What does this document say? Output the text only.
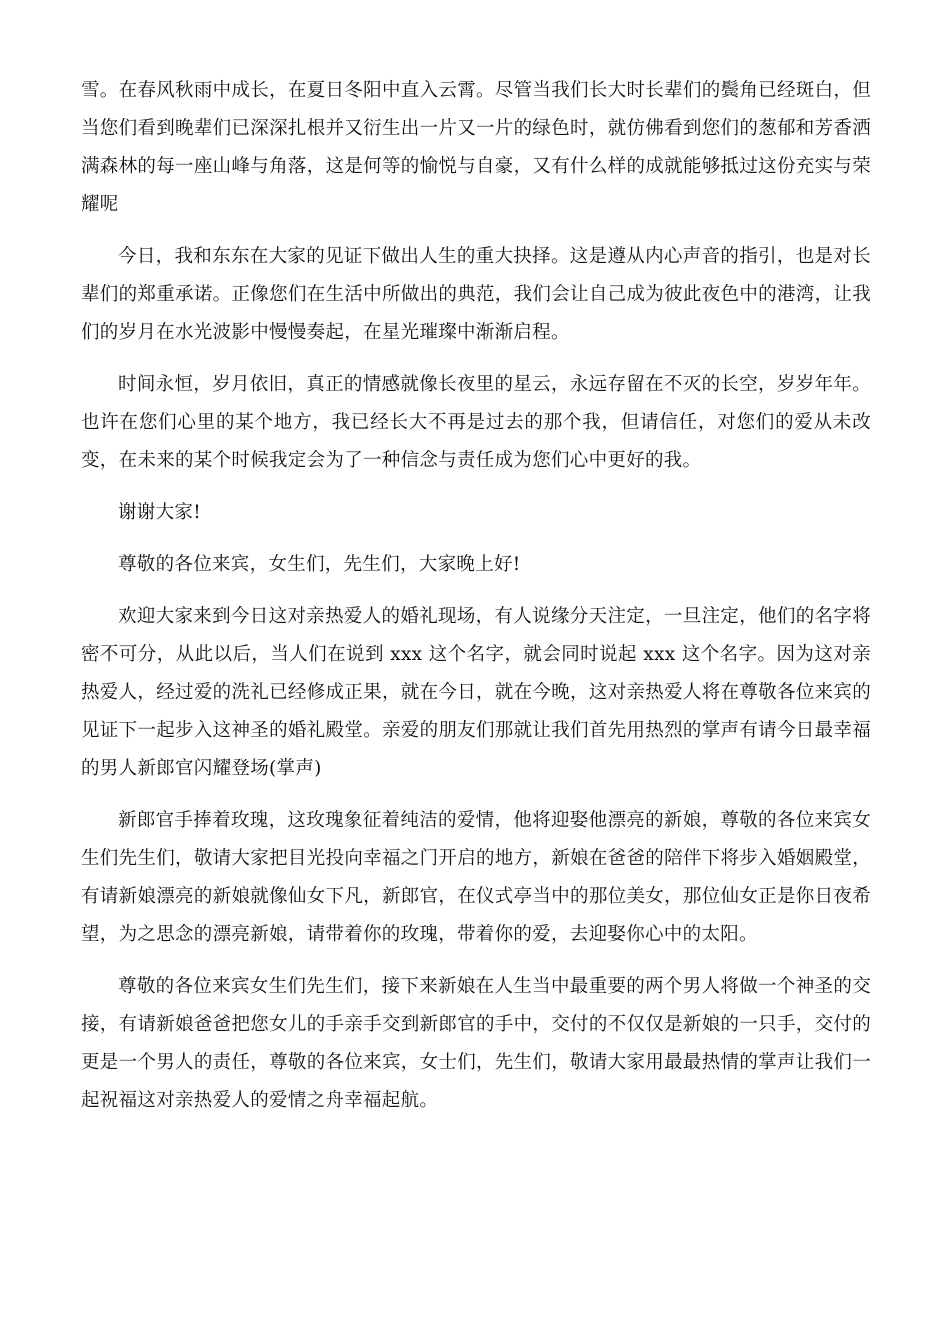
雪。在春风秋雨中成长，在夏日冬阳中直入云霄。尽管当我们长大时长辈们的鬓角已经斑白，但当您们看到晚辈们已深深扎根并又衍生出一片又一片的绿色时，就仿佛看到您们的葱郁和芳香洒满森林的每一座山峰与角落，这是何等的愉悦与自豪，又有什么样的成就能够抵过这份充实与荣耀呢

今日，我和东东在大家的见证下做出人生的重大抉择。这是遵从内心声音的指引，也是对长辈们的郑重承诺。正像您们在生活中所做出的典范，我们会让自己成为彼此夜色中的港湾，让我们的岁月在水光波影中慢慢奏起，在星光璀璨中渐渐启程。

时间永恒，岁月依旧，真正的情感就像长夜里的星云，永远存留在不灭的长空，岁岁年年。也许在您们心里的某个地方，我已经长大不再是过去的那个我，但请信任，对您们的爱从未改变，在未来的某个时候我定会为了一种信念与责任成为您们心中更好的我。

谢谢大家!

尊敬的各位来宾，女生们，先生们，大家晚上好!

欢迎大家来到今日这对亲热爱人的婚礼现场，有人说缘分天注定，一旦注定，他们的名字将密不可分，从此以后，当人们在说到 xxx 这个名字，就会同时说起 xxx 这个名字。因为这对亲热爱人，经过爱的洗礼已经修成正果，就在今日，就在今晚，这对亲热爱人将在尊敬各位来宾的见证下一起步入这神圣的婚礼殿堂。亲爱的朋友们那就让我们首先用热烈的掌声有请今日最幸福的男人新郎官闪耀登场(掌声)

新郎官手捧着玫瑰，这玫瑰象征着纯洁的爱情，他将迎娶他漂亮的新娘，尊敬的各位来宾女生们先生们，敬请大家把目光投向幸福之门开启的地方，新娘在爸爸的陪伴下将步入婚姻殿堂，有请新娘漂亮的新娘就像仙女下凡，新郎官，在仪式亭当中的那位美女，那位仙女正是你日夜希望，为之思念的漂亮新娘，请带着你的玫瑰，带着你的爱，去迎娶你心中的太阳。

尊敬的各位来宾女生们先生们，接下来新娘在人生当中最重要的两个男人将做一个神圣的交接，有请新娘爸爸把您女儿的手亲手交到新郎官的手中，交付的不仅仅是新娘的一只手，交付的更是一个男人的责任，尊敬的各位来宾，女士们，先生们，敬请大家用最最热情的掌声让我们一起祝福这对亲热爱人的爱情之舟幸福起航。
